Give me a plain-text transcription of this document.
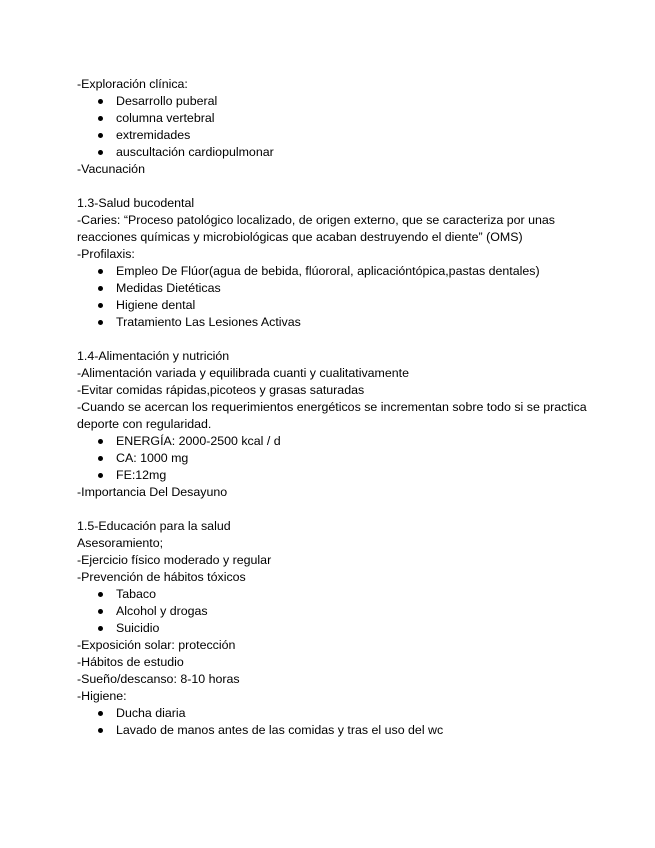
-Exploración clínica:
Desarrollo puberal
columna vertebral
extremidades
auscultación cardiopulmonar
-Vacunación
1.3-Salud bucodental
-Caries: “Proceso patológico localizado, de origen externo, que se caracteriza por unas reacciones químicas y microbiológicas que acaban destruyendo el diente” (OMS)
-Profilaxis:
Empleo De Flúor(agua de bebida, flúororal, aplicacióntópica,pastas dentales)
Medidas Dietéticas
Higiene dental
Tratamiento Las Lesiones Activas
1.4-Alimentación y nutrición
-Alimentación variada y equilibrada cuanti y cualitativamente
-Evitar comidas rápidas,picoteos y grasas saturadas
-Cuando se acercan los requerimientos energéticos se incrementan sobre todo si se practica deporte con regularidad.
ENERGÍA: 2000-2500 kcal / d
CA: 1000 mg
FE:12mg
-Importancia Del Desayuno
1.5-Educación para la salud
Asesoramiento;
-Ejercicio físico moderado y regular
-Prevención de hábitos tóxicos
Tabaco
Alcohol y drogas
Suicidio
-Exposición solar: protección
-Hábitos de estudio
-Sueño/descanso: 8-10 horas
-Higiene:
Ducha diaria
Lavado de manos antes de las comidas y tras el uso del wc
